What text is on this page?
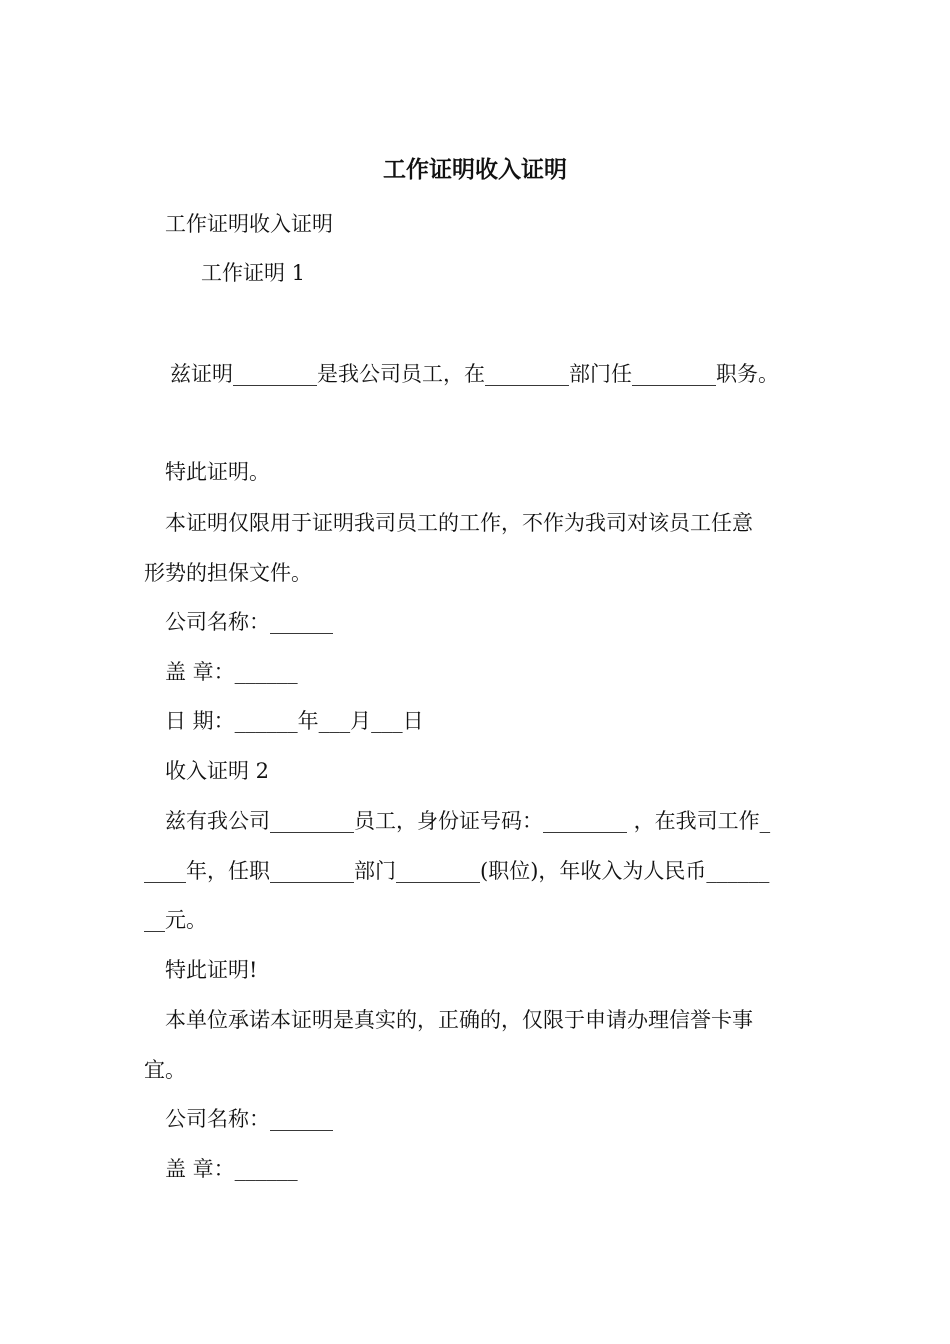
工作证明收入证明
工作证明收入证明
工作证明 1
兹证明________是我公司员工，在________部门任________职务。
特此证明。
本证明仅限用于证明我司员工的工作，不作为我司对该员工任意
形势的担保文件。
公司名称：______
盖 章：______
日 期：______年___月___日
收入证明 2
兹有我公司________员工，身份证号码：________ ，在我司工作_
____年，任职________部门________(职位)，年收入为人民币______
__元。
特此证明!
本单位承诺本证明是真实的，正确的，仅限于申请办理信誉卡事
宜。
公司名称：______
盖 章：______
